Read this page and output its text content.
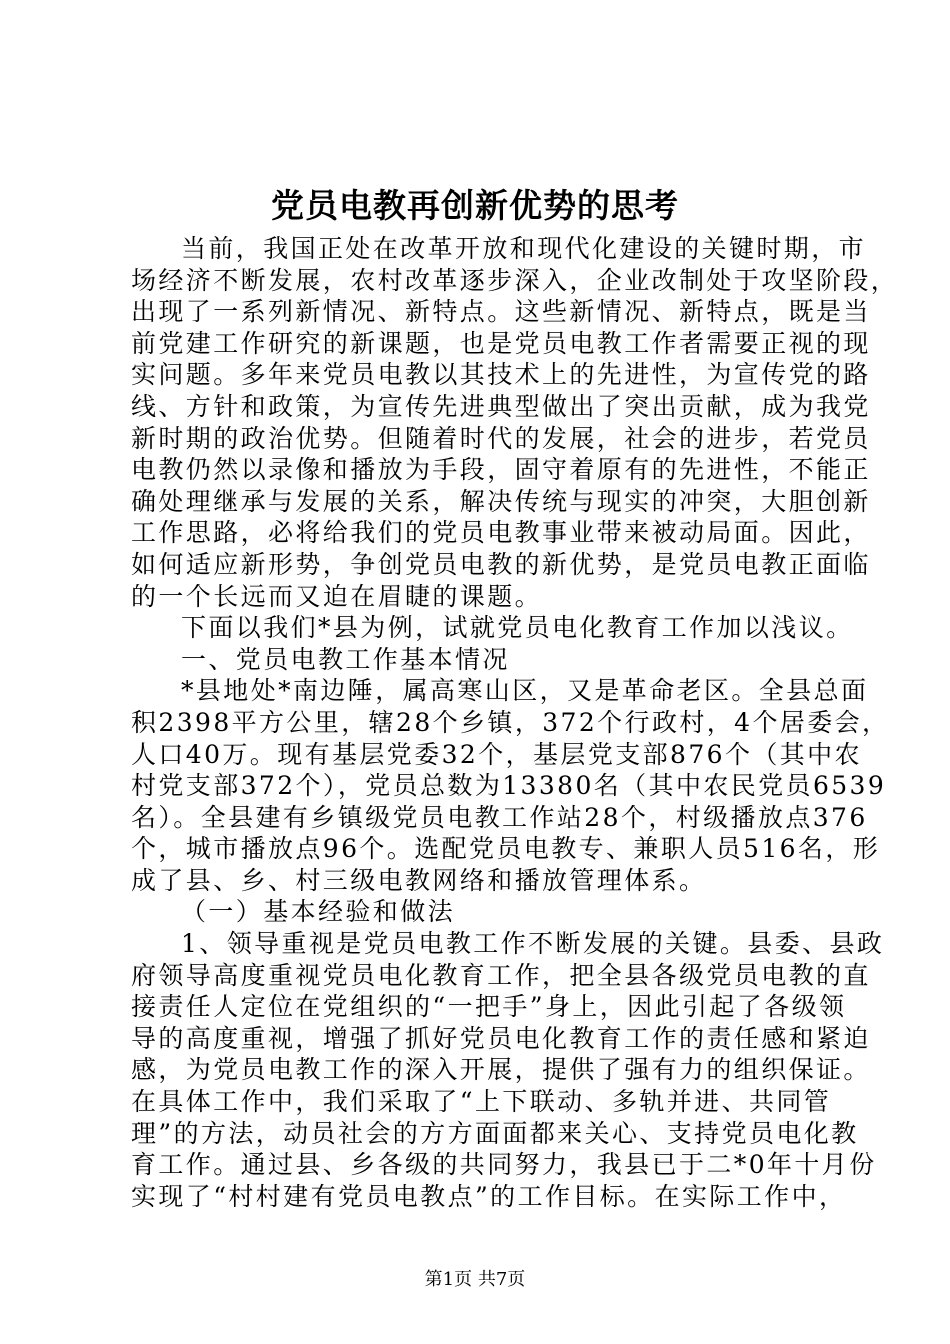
党员电教再创新优势的思考
当前，我国正处在改革开放和现代化建设的关键时期，市
场经济不断发展，农村改革逐步深入，企业改制处于攻坚阶段，
出现了一系列新情况、新特点。这些新情况、新特点，既是当
前党建工作研究的新课题，也是党员电教工作者需要正视的现
实问题。多年来党员电教以其技术上的先进性，为宣传党的路
线、方针和政策，为宣传先进典型做出了突出贡献，成为我党
新时期的政治优势。但随着时代的发展，社会的进步，若党员
电教仍然以录像和播放为手段，固守着原有的先进性，不能正
确处理继承与发展的关系，解决传统与现实的冲突，大胆创新
工作思路，必将给我们的党员电教事业带来被动局面。因此，
如何适应新形势，争创党员电教的新优势，是党员电教正面临
的一个长远而又迫在眉睫的课题。
下面以我们*县为例，试就党员电化教育工作加以浅议。
一、党员电教工作基本情况
*县地处*南边陲，属高寒山区，又是革命老区。全县总面
积2398平方公里，辖28个乡镇，372个行政村，4个居委会，
人口40万。现有基层党委32个，基层党支部876个（其中农
村党支部372个），党员总数为13380名（其中农民党员6539
名）。全县建有乡镇级党员电教工作站28个，村级播放点376
个，城市播放点96个。选配党员电教专、兼职人员516名，形
成了县、乡、村三级电教网络和播放管理体系。
（一）基本经验和做法
1、领导重视是党员电教工作不断发展的关键。县委、县政
府领导高度重视党员电化教育工作，把全县各级党员电教的直
接责任人定位在党组织的“一把手”身上，因此引起了各级领
导的高度重视，增强了抓好党员电化教育工作的责任感和紧迫
感，为党员电教工作的深入开展，提供了强有力的组织保证。
在具体工作中，我们采取了“上下联动、多轨并进、共同管
理”的方法，动员社会的方方面面都来关心、支持党员电化教
育工作。通过县、乡各级的共同努力，我县已于二*0年十月份
实现了“村村建有党员电教点”的工作目标。在实际工作中，
第1页 共7页
